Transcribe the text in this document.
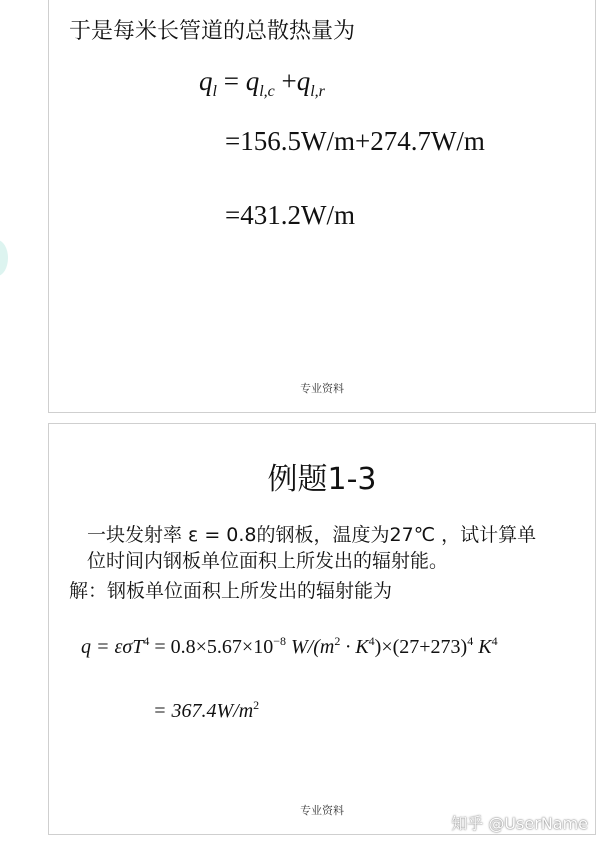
于是每米长管道的总散热量为
$q_l = q_{l,c} +q_{l,r}$
=156.5W/m+274.7W/m
=431.2W/m
专业资料
例题1-3
一块发射率 ε = 0.8的钢板，温度为27℃ ，试计算单
位时间内钢板单位面积上所发出的辐射能。
解：钢板单位面积上所发出的辐射能为
$q = \varepsilon\sigma T^4 = 0.8\times 5.67\times 10^{-8}$ $W/(m^2 \cdot K^4)\times(27+273)^4$ $K^4$
= $367.4W/m^2$
专业资料
知乎 @UserName
